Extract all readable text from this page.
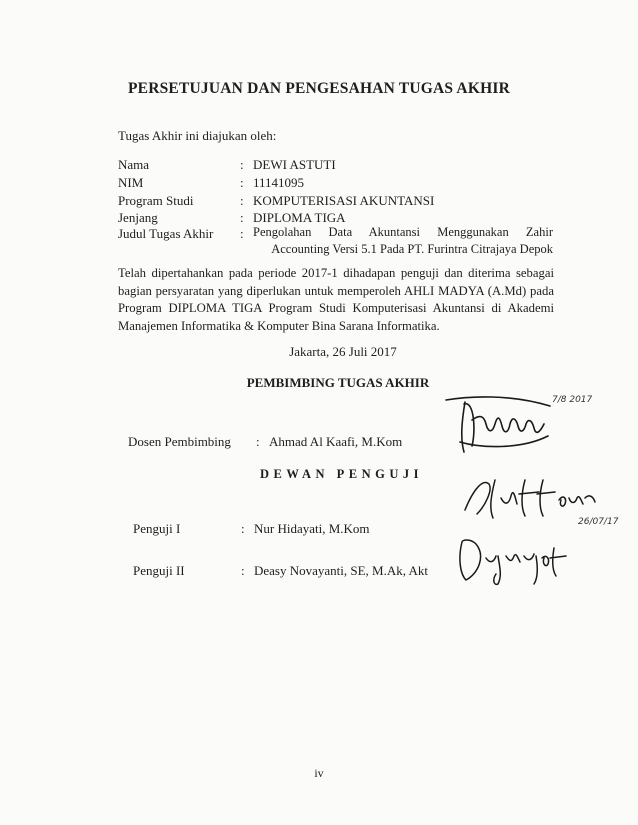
PERSETUJUAN DAN PENGESAHAN TUGAS AKHIR
Tugas Akhir ini diajukan oleh:
Nama	: DEWI ASTUTI
NIM	: 11141095
Program Studi	: KOMPUTERISASI AKUNTANSI
Jenjang	: DIPLOMA TIGA
Judul Tugas Akhir : Pengolahan Data Akuntansi Menggunakan Zahir Accounting Versi 5.1 Pada PT. Furintra Citrajaya Depok
Telah dipertahankan pada periode 2017-1 dihadapan penguji dan diterima sebagai bagian persyaratan yang diperlukan untuk memperoleh AHLI MADYA (A.Md) pada Program DIPLOMA TIGA Program Studi Komputerisasi Akuntansi di Akademi Manajemen Informatika & Komputer Bina Sarana Informatika.
Jakarta, 26 Juli 2017
PEMBIMBING TUGAS AKHIR
Dosen Pembimbing : Ahmad Al Kaafi, M.Kom
DEWAN PENGUJI
Penguji I	: Nur Hidayati, M.Kom
Penguji II	: Deasy Novayanti, SE, M.Ak, Akt
7/8 2017
26/07/17
iv
